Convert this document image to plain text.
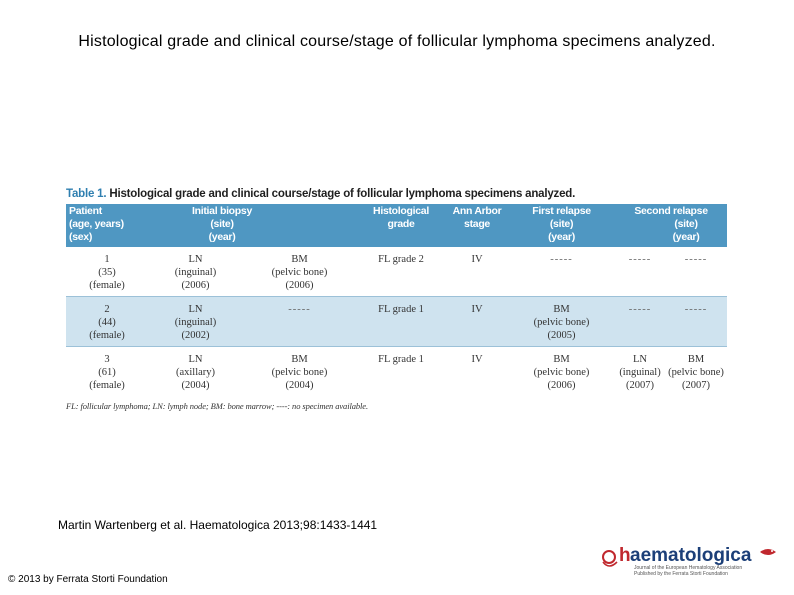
Histological grade and clinical course/stage of follicular lymphoma specimens analyzed.
Table 1. Histological grade and clinical course/stage of follicular lymphoma specimens analyzed.
Patient
(age, years)
(sex)	Initial biopsy
(site)
(year)		Histological
grade	Ann Arbor
stage	First relapse
(site)
(year)	Second relapse
(site)
(year)	

1
(35)
(female)	LN
(inguinal)
(2006)	BM
(pelvic bone)
(2006)	FL grade 2	IV	-----	-----	-----

2
(44)
(female)	LN
(inguinal)
(2002)	-----	FL grade 1	IV	BM
(pelvic bone)
(2005)	-----	-----

3
(61)
(female)	LN
(axillary)
(2004)	BM
(pelvic bone)
(2004)	FL grade 1	IV	BM
(pelvic bone)
(2006)	LN
(inguinal)
(2007)	BM
(pelvic bone)
(2007)
FL: follicular lymphoma; LN: lymph node; BM: bone marrow; ----: no specimen available.
Martin Wartenberg et al. Haematologica 2013;98:1433-1441
© 2013 by Ferrata Storti Foundation
h aematologica
Journal of the European Hematology Association
Published by the Ferrata Storti Foundation
